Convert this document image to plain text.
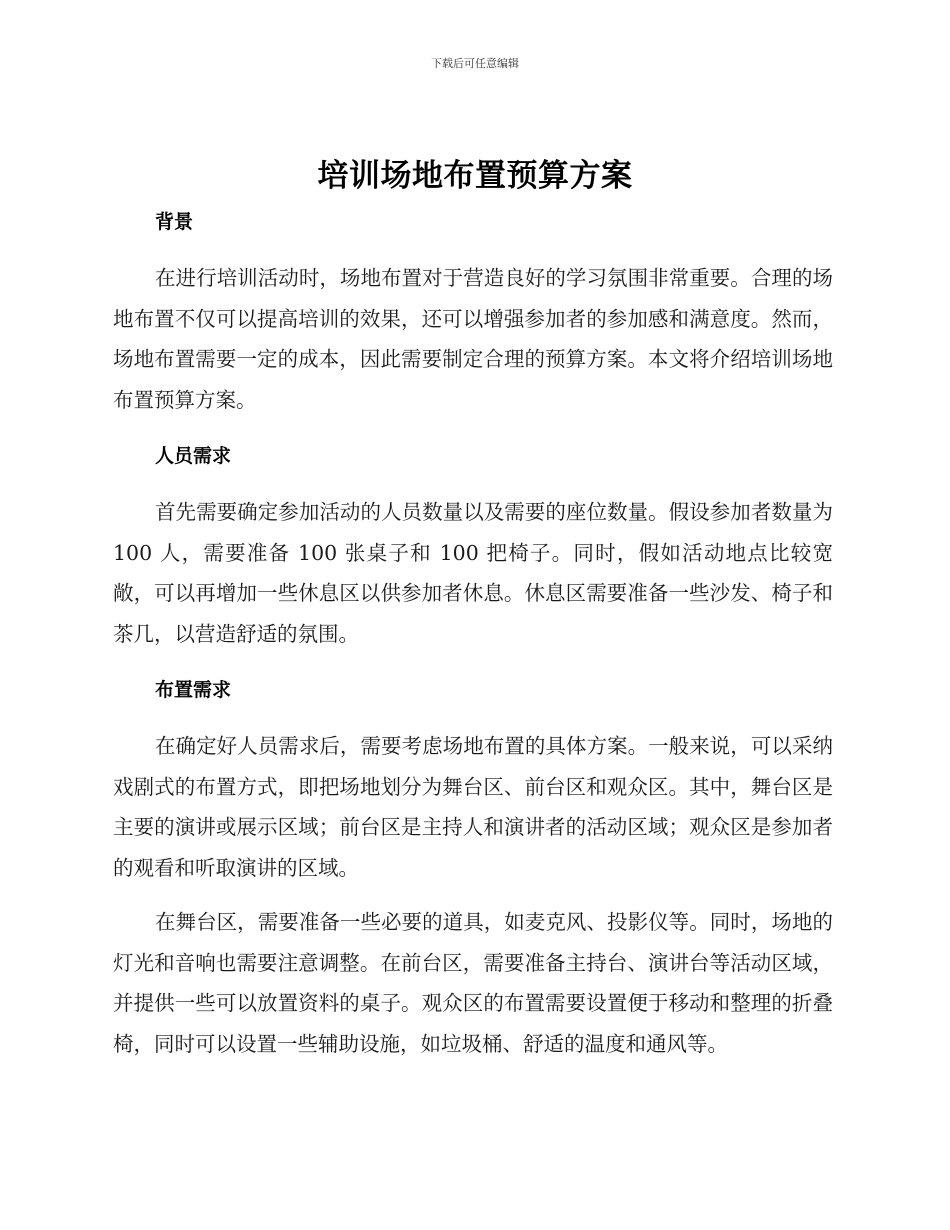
下载后可任意编辑
培训场地布置预算方案
背景

在进行培训活动时，场地布置对于营造良好的学习氛围非常重要。合理的场地布置不仅可以提高培训的效果，还可以增强参加者的参加感和满意度。然而，场地布置需要一定的成本，因此需要制定合理的预算方案。本文将介绍培训场地布置预算方案。

人员需求

首先需要确定参加活动的人员数量以及需要的座位数量。假设参加者数量为 100 人，需要准备 100 张桌子和 100 把椅子。同时，假如活动地点比较宽敞，可以再增加一些休息区以供参加者休息。休息区需要准备一些沙发、椅子和茶几，以营造舒适的氛围。

布置需求

在确定好人员需求后，需要考虑场地布置的具体方案。一般来说，可以采纳戏剧式的布置方式，即把场地划分为舞台区、前台区和观众区。其中，舞台区是主要的演讲或展示区域；前台区是主持人和演讲者的活动区域；观众区是参加者的观看和听取演讲的区域。

在舞台区，需要准备一些必要的道具，如麦克风、投影仪等。同时，场地的灯光和音响也需要注意调整。在前台区，需要准备主持台、演讲台等活动区域，并提供一些可以放置资料的桌子。观众区的布置需要设置便于移动和整理的折叠椅，同时可以设置一些辅助设施，如垃圾桶、舒适的温度和通风等。
